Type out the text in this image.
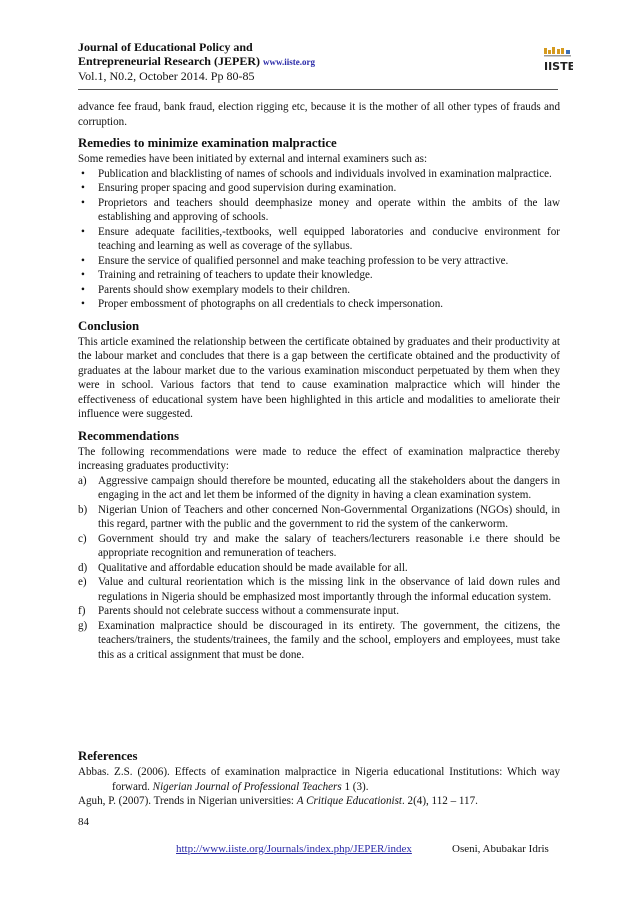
Journal of Educational Policy and
Entrepreneurial Research (JEPER) www.iiste.org
Vol.1, N0.2, October 2014. Pp 80-85
IISTE

advance fee fraud, bank fraud, election rigging etc, because it is the mother of all other types of frauds and corruption.

Remedies to minimize examination malpractice

Some remedies have been initiated by external and internal examiners such as:

• Publication and blacklisting of names of schools and individuals involved in examination malpractice.
• Ensuring proper spacing and good supervision during examination.
• Proprietors and teachers should deemphasize money and operate within the ambits of the law establishing and approving of schools.
• Ensure adequate facilities,-textbooks, well equipped laboratories and conducive environment for teaching and learning as well as coverage of the syllabus.
• Ensure the service of qualified personnel and make teaching profession to be very attractive.
• Training and retraining of teachers to update their knowledge.
• Parents should show exemplary models to their children.
• Proper embossment of photographs on all credentials to check impersonation.
Conclusion

This article examined the relationship between the certificate obtained by graduates and their productivity at the labour market and concludes that there is a gap between the certificate obtained and the productivity of graduates at the labour market due to the various examination misconduct perpetuated by them when they were in school. Various factors that tend to cause examination malpractice which will hinder the effectiveness of educational system have been highlighted in this article and modalities to ameliorate their influence were suggested.

Recommendations

The following recommendations were made to reduce the effect of examination malpractice thereby increasing graduates productivity:

a) Aggressive campaign should therefore be mounted, educating all the stakeholders about the dangers in engaging in the act and let them be informed of the dignity in having a clean examination system.
b) Nigerian Union of Teachers and other concerned Non-Governmental Organizations (NGOs) should, in this regard, partner with the public and the government to rid the system of the cankerworm.
c) Government should try and make the salary of teachers/lecturers reasonable i.e there should be appropriate recognition and remuneration of teachers.
d) Qualitative and affordable education should be made available for all.
e) Value and cultural reorientation which is the missing link in the observance of laid down rules and regulations in Nigeria should be emphasized most importantly through the informal education system.
f) Parents should not celebrate success without a commensurate input.
g) Examination malpractice should be discouraged in its entirety. The government, the citizens, the teachers/trainers, the students/trainees, the family and the school, employers and employees, must take this as a critical assignment that must be done.
References

Abbas. Z.S. (2006). Effects of examination malpractice in Nigeria educational Institutions: Which way forward. Nigerian Journal of Professional Teachers 1 (3).

Aguh, P. (2007). Trends in Nigerian universities: A Critique Educationist. 2(4), 112 – 117.

84
http://www.iiste.org/Journals/index.php/JEPER/index	Oseni, Abubakar Idris
